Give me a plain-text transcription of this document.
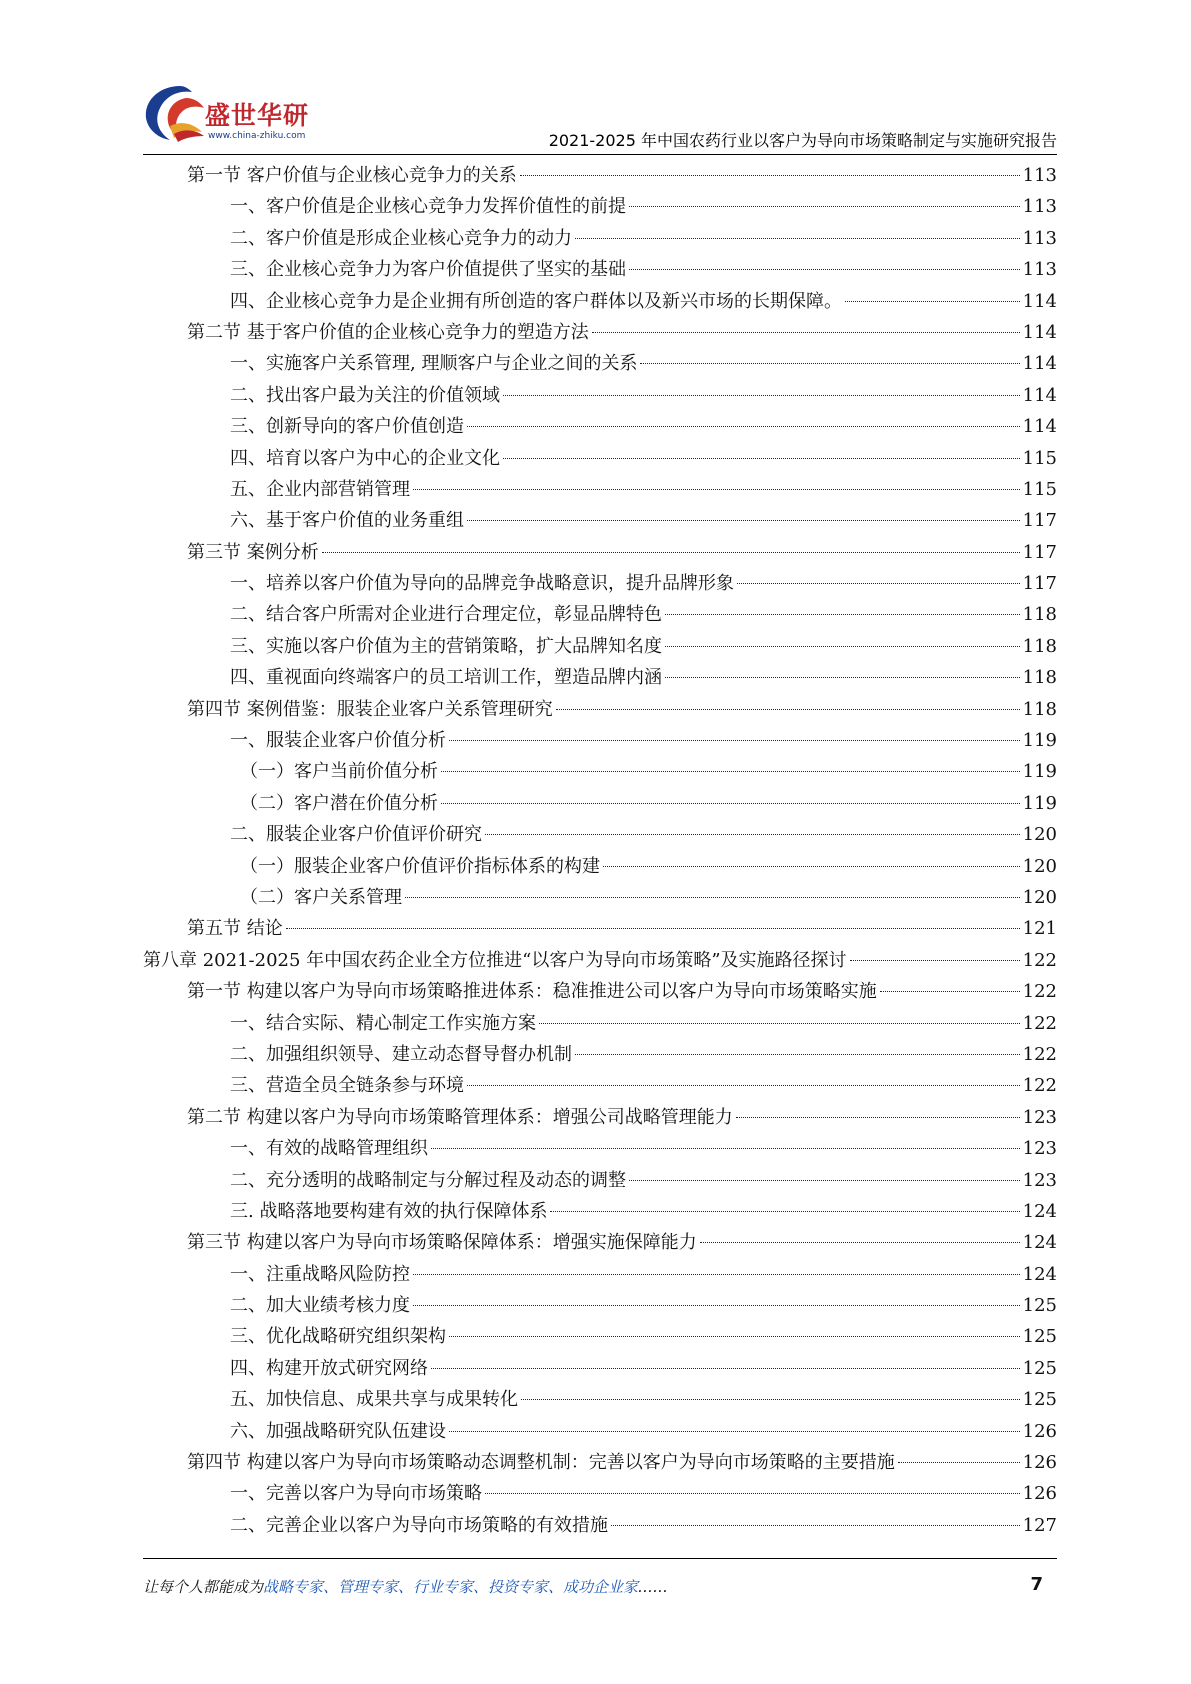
盛世华研
www.china-zhiku.com	2021-2025 年中国农药行业以客户为导向市场策略制定与实施研究报告
第一节 客户价值与企业核心竞争力的关系	113
一、客户价值是企业核心竞争力发挥价值性的前提	113
二、客户价值是形成企业核心竞争力的动力	113
三、企业核心竞争力为客户价值提供了坚实的基础	113
四、企业核心竞争力是企业拥有所创造的客户群体以及新兴市场的长期保障。	114
第二节 基于客户价值的企业核心竞争力的塑造方法	114
一、实施客户关系管理, 理顺客户与企业之间的关系	114
二、找出客户最为关注的价值领域	114
三、创新导向的客户价值创造	114
四、培育以客户为中心的企业文化	115
五、企业内部营销管理	115
六、基于客户价值的业务重组	117
第三节 案例分析	117
一、培养以客户价值为导向的品牌竞争战略意识，提升品牌形象	117
二、结合客户所需对企业进行合理定位，彰显品牌特色	118
三、实施以客户价值为主的营销策略，扩大品牌知名度	118
四、重视面向终端客户的员工培训工作，塑造品牌内涵	118
第四节 案例借鉴：服装企业客户关系管理研究	118
一、服装企业客户价值分析	119
（一）客户当前价值分析	119
（二）客户潜在价值分析	119
二、服装企业客户价值评价研究	120
（一）服装企业客户价值评价指标体系的构建	120
（二）客户关系管理	120
第五节 结论	121
第八章 2021-2025 年中国农药企业全方位推进“以客户为导向市场策略”及实施路径探讨	122
第一节 构建以客户为导向市场策略推进体系：稳准推进公司以客户为导向市场策略实施	122
一、结合实际、精心制定工作实施方案	122
二、加强组织领导、建立动态督导督办机制	122
三、营造全员全链条参与环境	122
第二节 构建以客户为导向市场策略管理体系：增强公司战略管理能力	123
一、有效的战略管理组织	123
二、充分透明的战略制定与分解过程及动态的调整	123
三. 战略落地要构建有效的执行保障体系	124
第三节 构建以客户为导向市场策略保障体系：增强实施保障能力	124
一、注重战略风险防控	124
二、加大业绩考核力度	125
三、优化战略研究组织架构	125
四、构建开放式研究网络	125
五、加快信息、成果共享与成果转化	125
六、加强战略研究队伍建设	126
第四节 构建以客户为导向市场策略动态调整机制：完善以客户为导向市场策略的主要措施	126
一、完善以客户为导向市场策略	126
二、完善企业以客户为导向市场策略的有效措施	127
让每个人都能成为战略专家、管理专家、行业专家、投资专家、成功企业家……	7
